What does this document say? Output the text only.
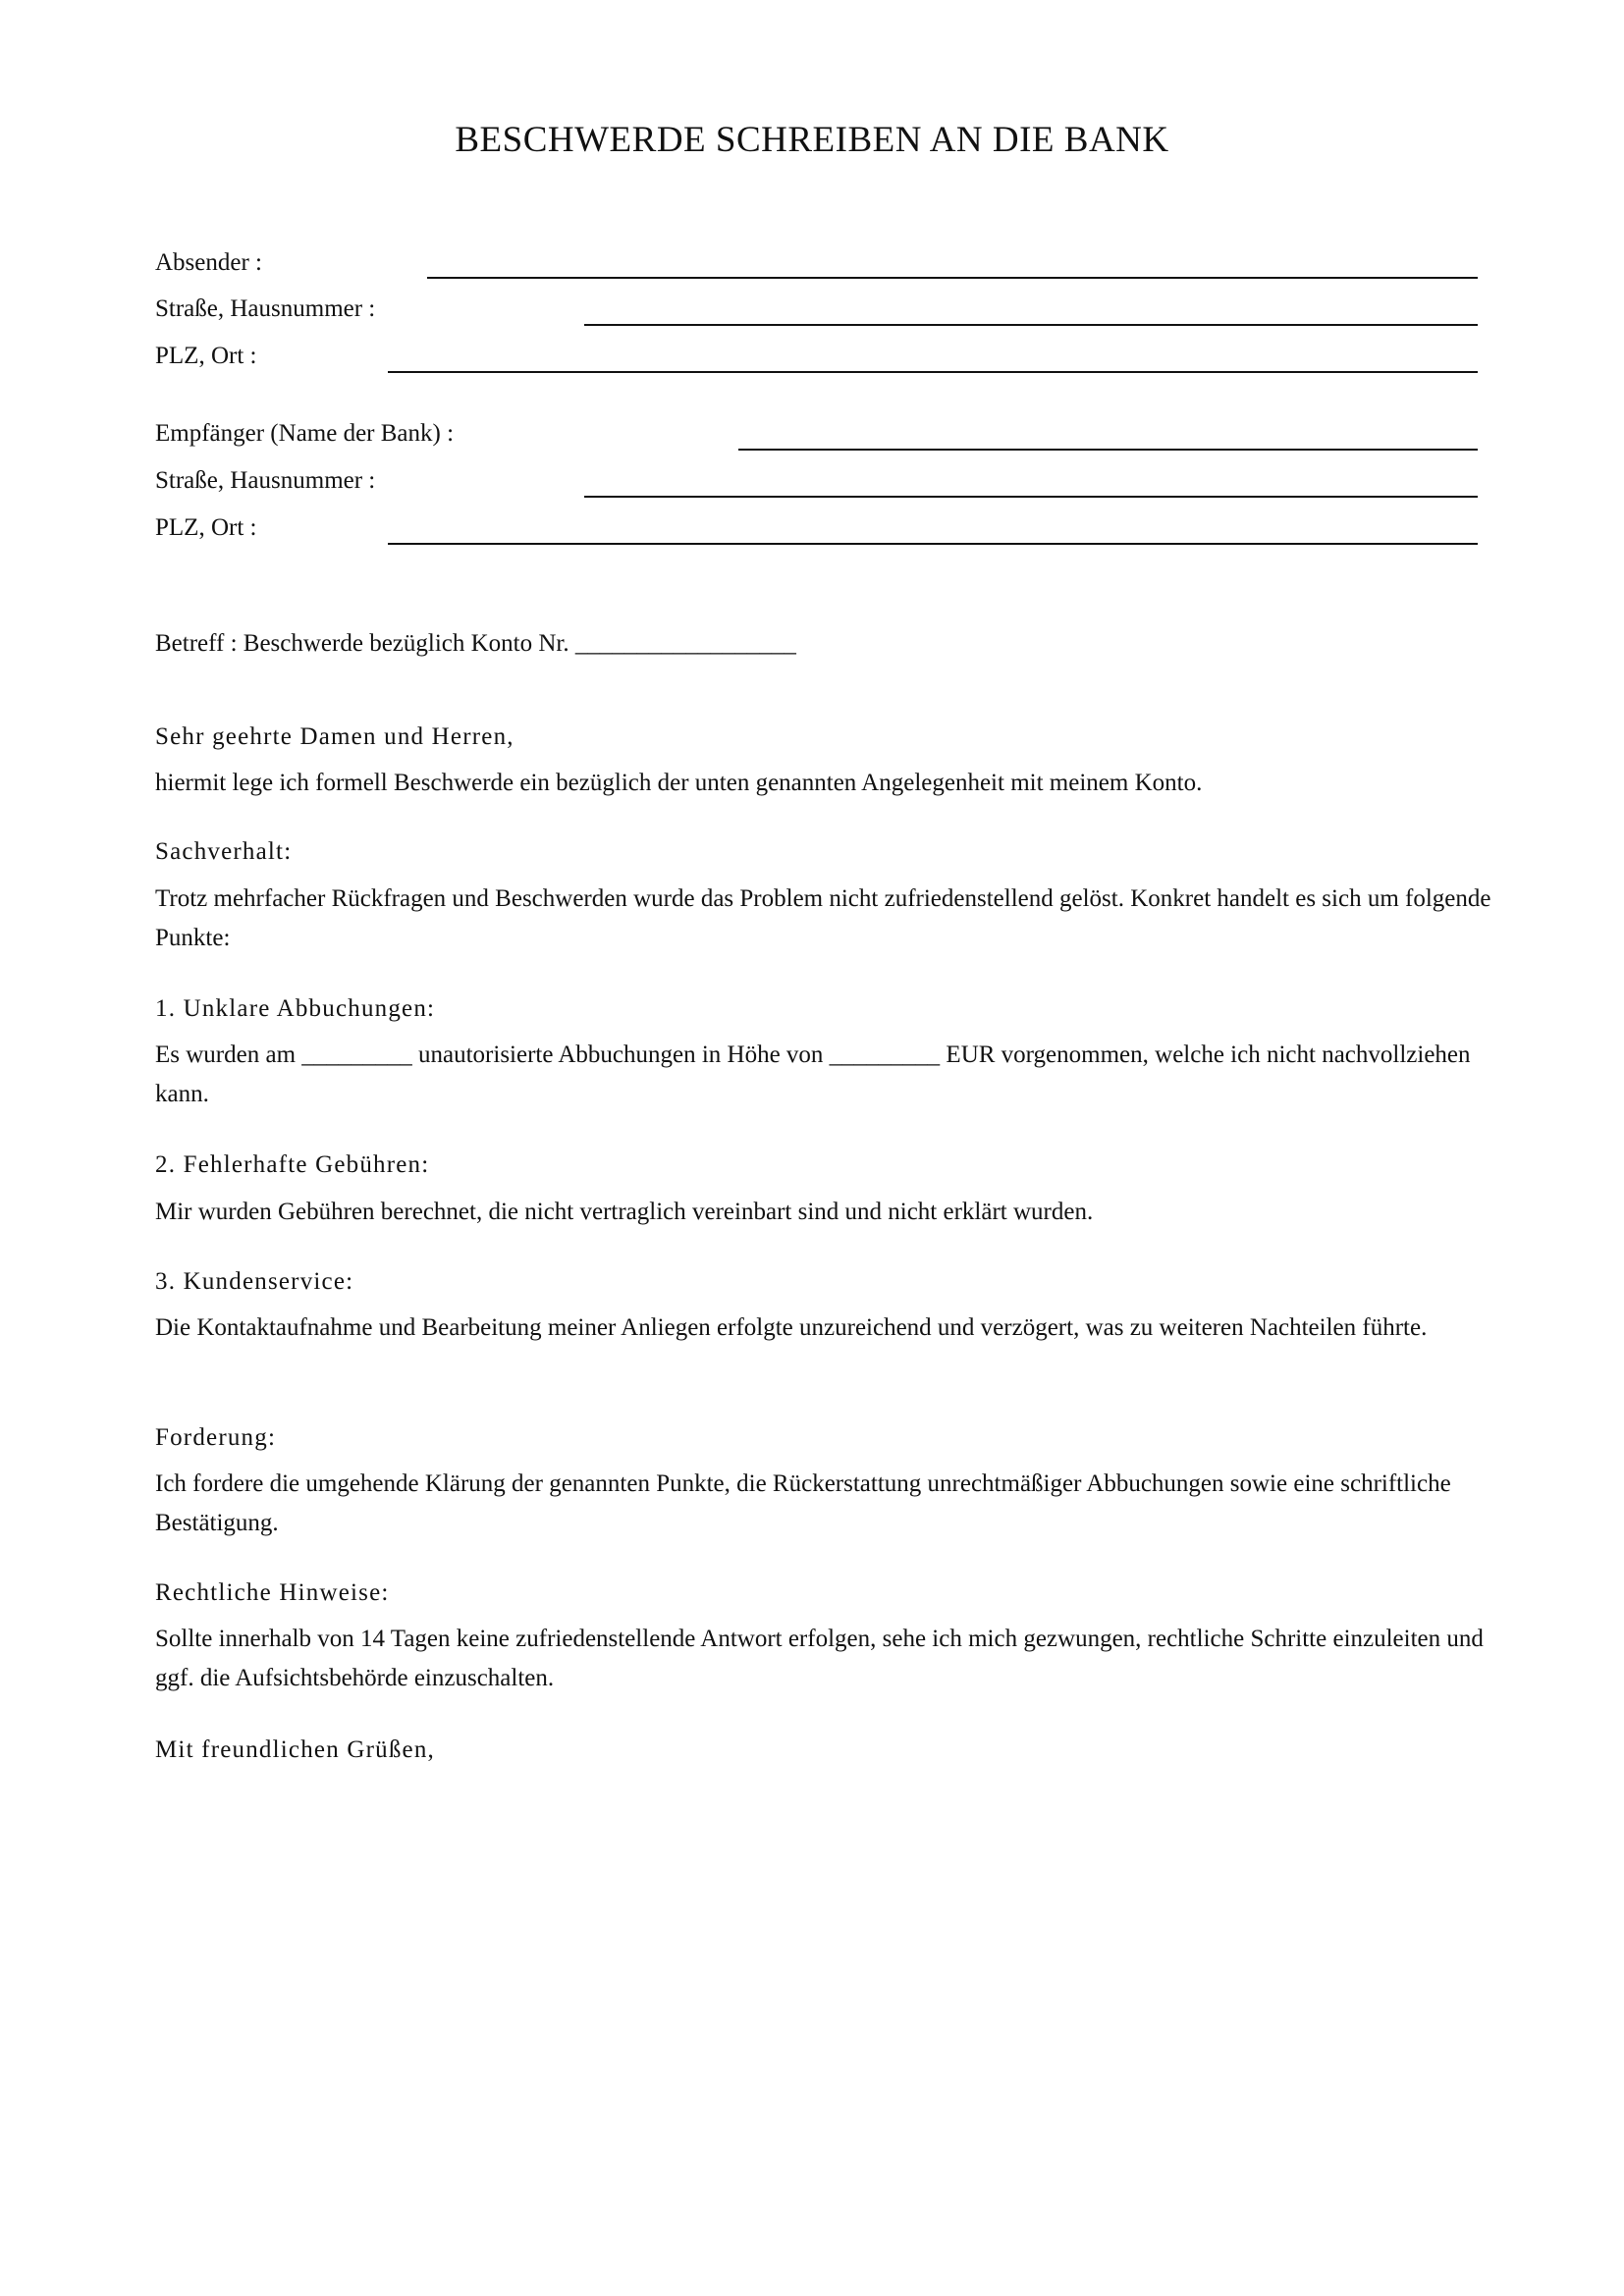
BESCHWERDE SCHREIBEN AN DIE BANK
Absender :
Straße, Hausnummer :
PLZ, Ort :
Empfänger (Name der Bank) :
Straße, Hausnummer :
PLZ, Ort :
Betreff : Beschwerde bezüglich Konto Nr. __________________
Sehr geehrte Damen und Herren,
hiermit lege ich formell Beschwerde ein bezüglich der unten genannten Angelegenheit mit meinem Konto.
Sachverhalt:
Trotz mehrfacher Rückfragen und Beschwerden wurde das Problem nicht zufriedenstellend gelöst. Konkret handelt es sich um folgende Punkte:
1. Unklare Abbuchungen:
Es wurden am _________ unautorisierte Abbuchungen in Höhe von _________ EUR vorgenommen, welche ich nicht nachvollziehen kann.
2. Fehlerhafte Gebühren:
Mir wurden Gebühren berechnet, die nicht vertraglich vereinbart sind und nicht erklärt wurden.
3. Kundenservice:
Die Kontaktaufnahme und Bearbeitung meiner Anliegen erfolgte unzureichend und verzögert, was zu weiteren Nachteilen führte.
Forderung:
Ich fordere die umgehende Klärung der genannten Punkte, die Rückerstattung unrechtmäßiger Abbuchungen sowie eine schriftliche Bestätigung.
Rechtliche Hinweise:
Sollte innerhalb von 14 Tagen keine zufriedenstellende Antwort erfolgen, sehe ich mich gezwungen, rechtliche Schritte einzuleiten und ggf. die Aufsichtsbehörde einzuschalten.
Mit freundlichen Grüßen,
